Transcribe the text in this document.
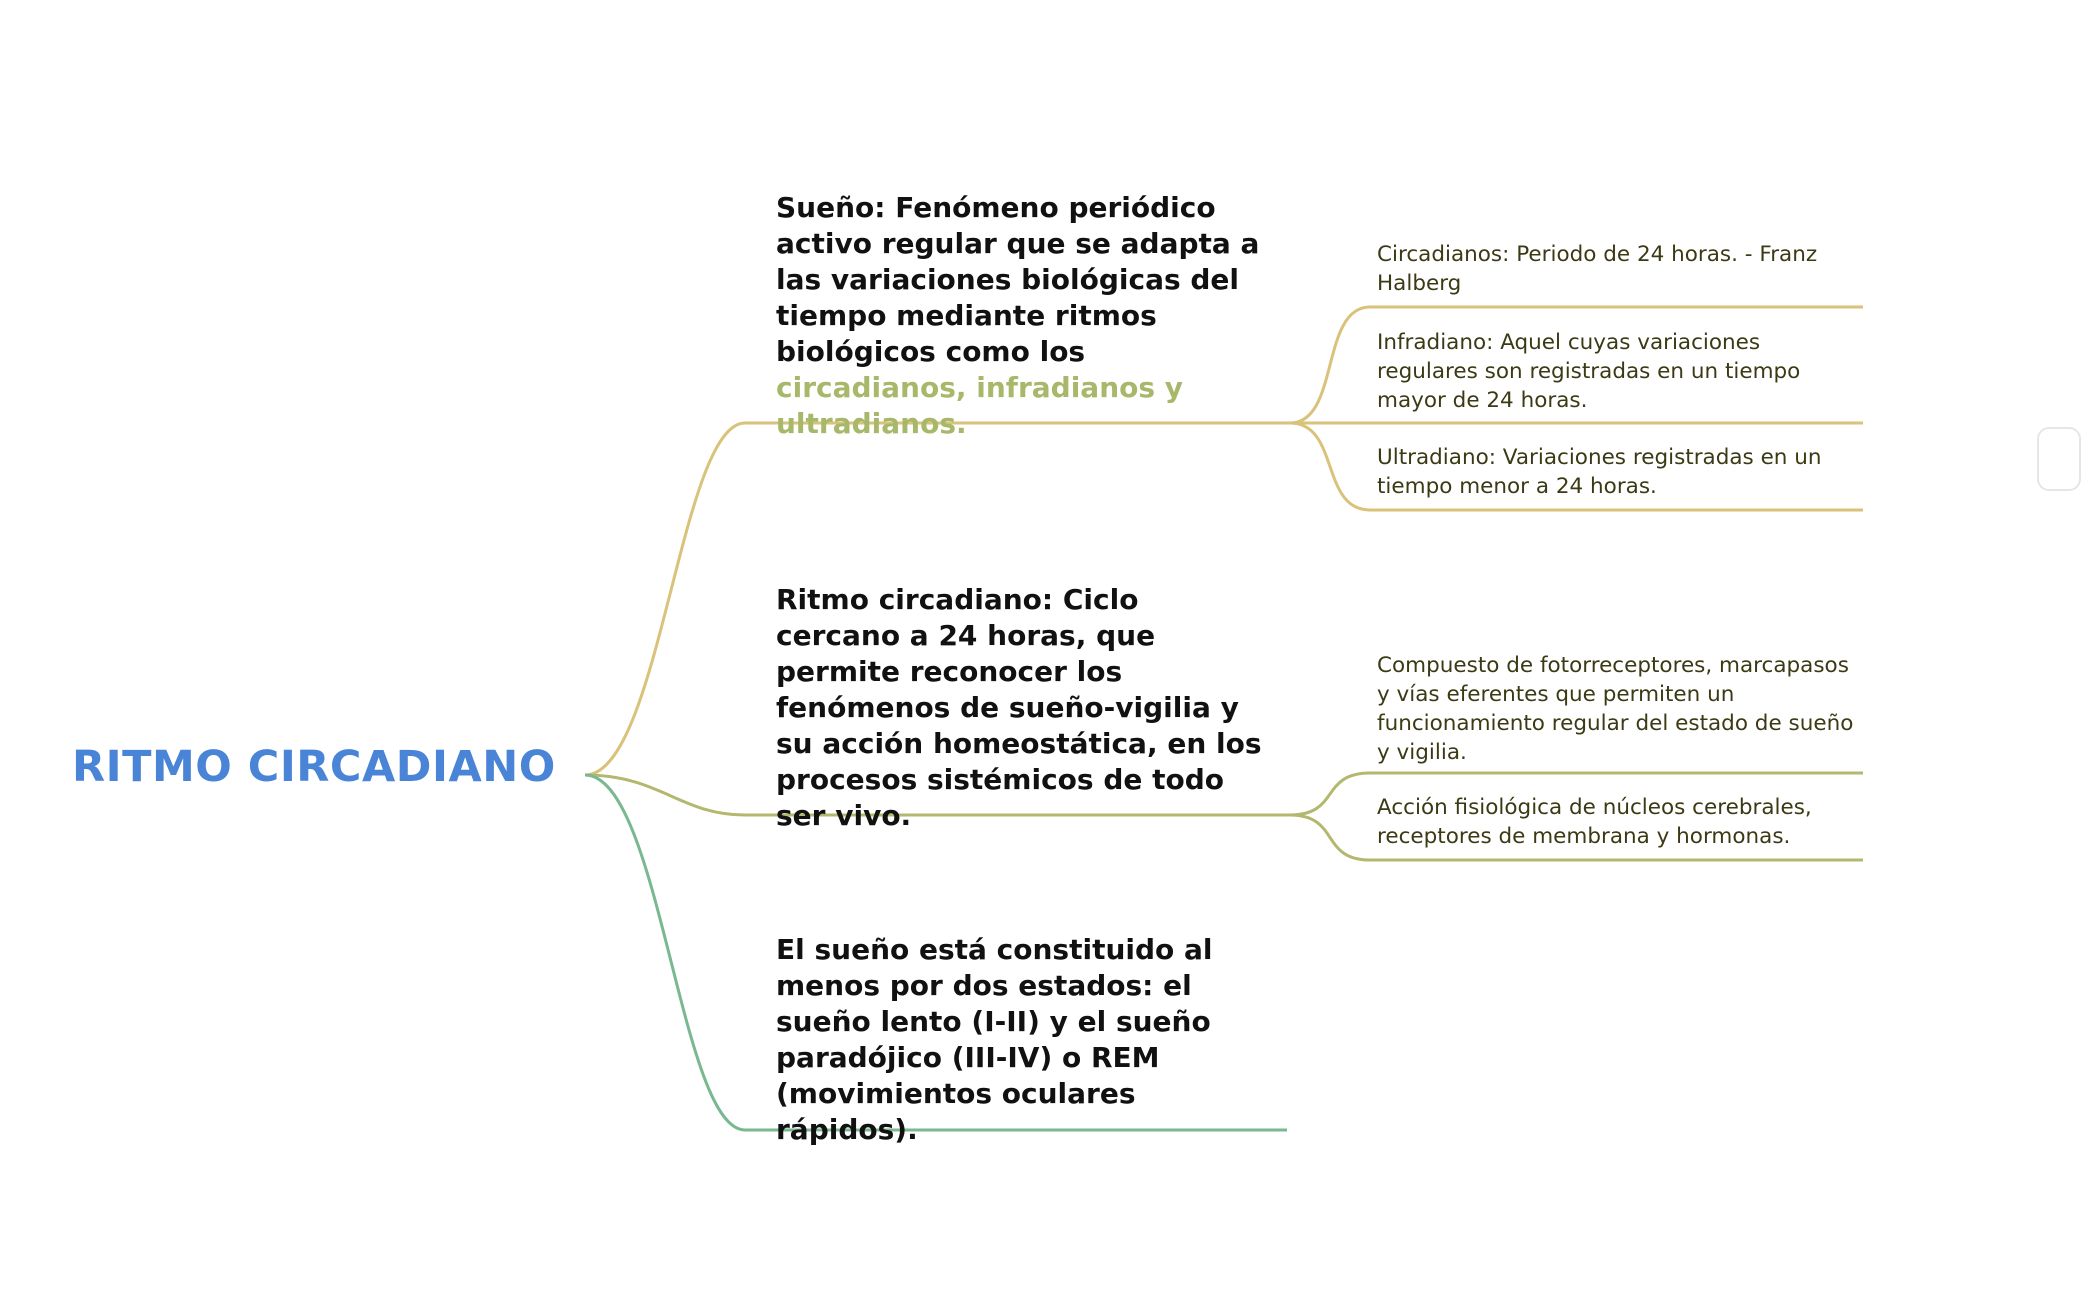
RITMO CIRCADIANO
Sueño: Fenómeno periódico activo regular que se adapta a las variaciones biológicas del tiempo mediante ritmos biológicos como los circadianos, infradianos y ultradianos.
Ritmo circadiano: Ciclo cercano a 24 horas, que permite reconocer los fenómenos de sueño-vigilia y su acción homeostática, en los procesos sistémicos de todo ser vivo.
El sueño está constituido al menos por dos estados: el sueño lento (I-II) y el sueño paradójico (III-IV) o REM (movimientos oculares rápidos).
Circadianos: Periodo de 24 horas. - Franz Halberg
Infradiano: Aquel cuyas variaciones regulares son registradas en un tiempo mayor de 24 horas.
Ultradiano: Variaciones registradas en un tiempo menor a 24 horas.
Compuesto de fotorreceptores, marcapasos y vías eferentes que permiten un funcionamiento regular del estado de sueño y vigilia.
Acción fisiológica de núcleos cerebrales, receptores de membrana y hormonas.
